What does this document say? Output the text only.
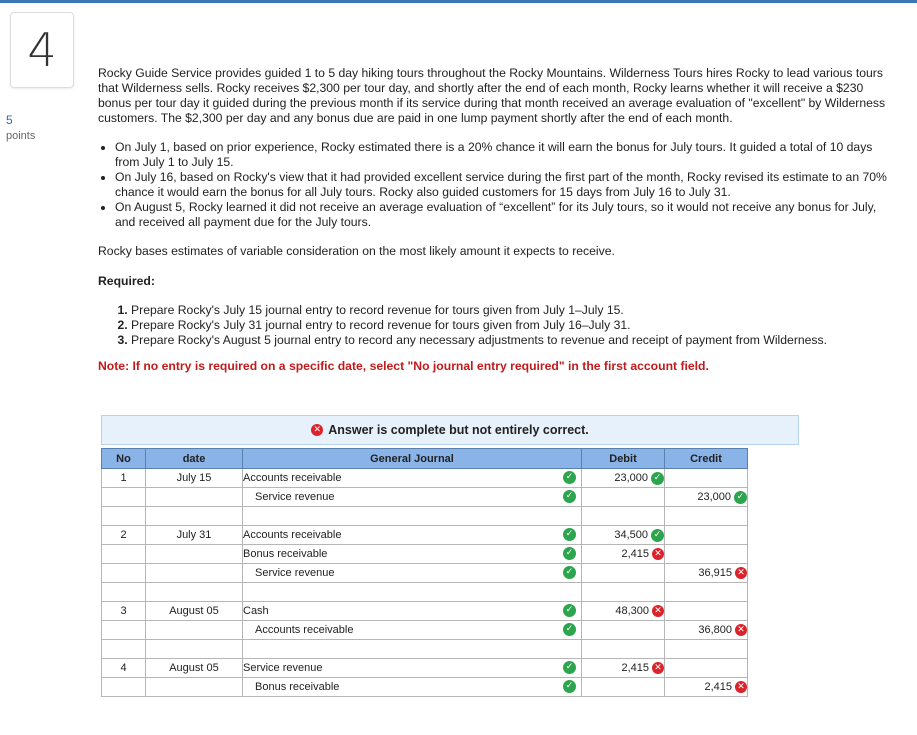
4
5
points

Rocky Guide Service provides guided 1 to 5 day hiking tours throughout the Rocky Mountains. Wilderness Tours hires Rocky to lead various tours that Wilderness sells. Rocky receives $2,300 per tour day, and shortly after the end of each month, Rocky learns whether it will receive a $230 bonus per tour day it guided during the previous month if its service during that month received an average evaluation of "excellent" by Wilderness customers. The $2,300 per day and any bonus due are paid in one lump payment shortly after the end of each month.

• On July 1, based on prior experience, Rocky estimated there is a 20% chance it will earn the bonus for July tours. It guided a total of 10 days from July 1 to July 15.
• On July 16, based on Rocky's view that it had provided excellent service during the first part of the month, Rocky revised its estimate to an 70% chance it would earn the bonus for all July tours. Rocky also guided customers for 15 days from July 16 to July 31.
• On August 5, Rocky learned it did not receive an average evaluation of “excellent” for its July tours, so it would not receive any bonus for July, and received all payment due for the July tours.

Rocky bases estimates of variable consideration on the most likely amount it expects to receive.

Required:
1. Prepare Rocky's July 15 journal entry to record revenue for tours given from July 1–July 15.
2. Prepare Rocky's July 31 journal entry to record revenue for tours given from July 16–July 31.
3. Prepare Rocky's August 5 journal entry to record any necessary adjustments to revenue and receipt of payment from Wilderness.
Note: If no entry is required on a specific date, select "No journal entry required" in the first account field.
✕ Answer is complete but not entirely correct.
No	date	General Journal	Debit	Credit
1	July 15	Accounts receivable ✓	23,000 ✓	

		Service revenue ✓		23,000 ✓

2	July 31	Accounts receivable ✓	34,500 ✓	

		Bonus receivable ✓	2,415 ✕	

		Service revenue ✓		36,915 ✕

3	August 05	Cash ✓	48,300 ✕	

		Accounts receivable ✓		36,800 ✕

4	August 05	Service revenue ✓	2,415 ✕	

		Bonus receivable ✓		2,415 ✕
